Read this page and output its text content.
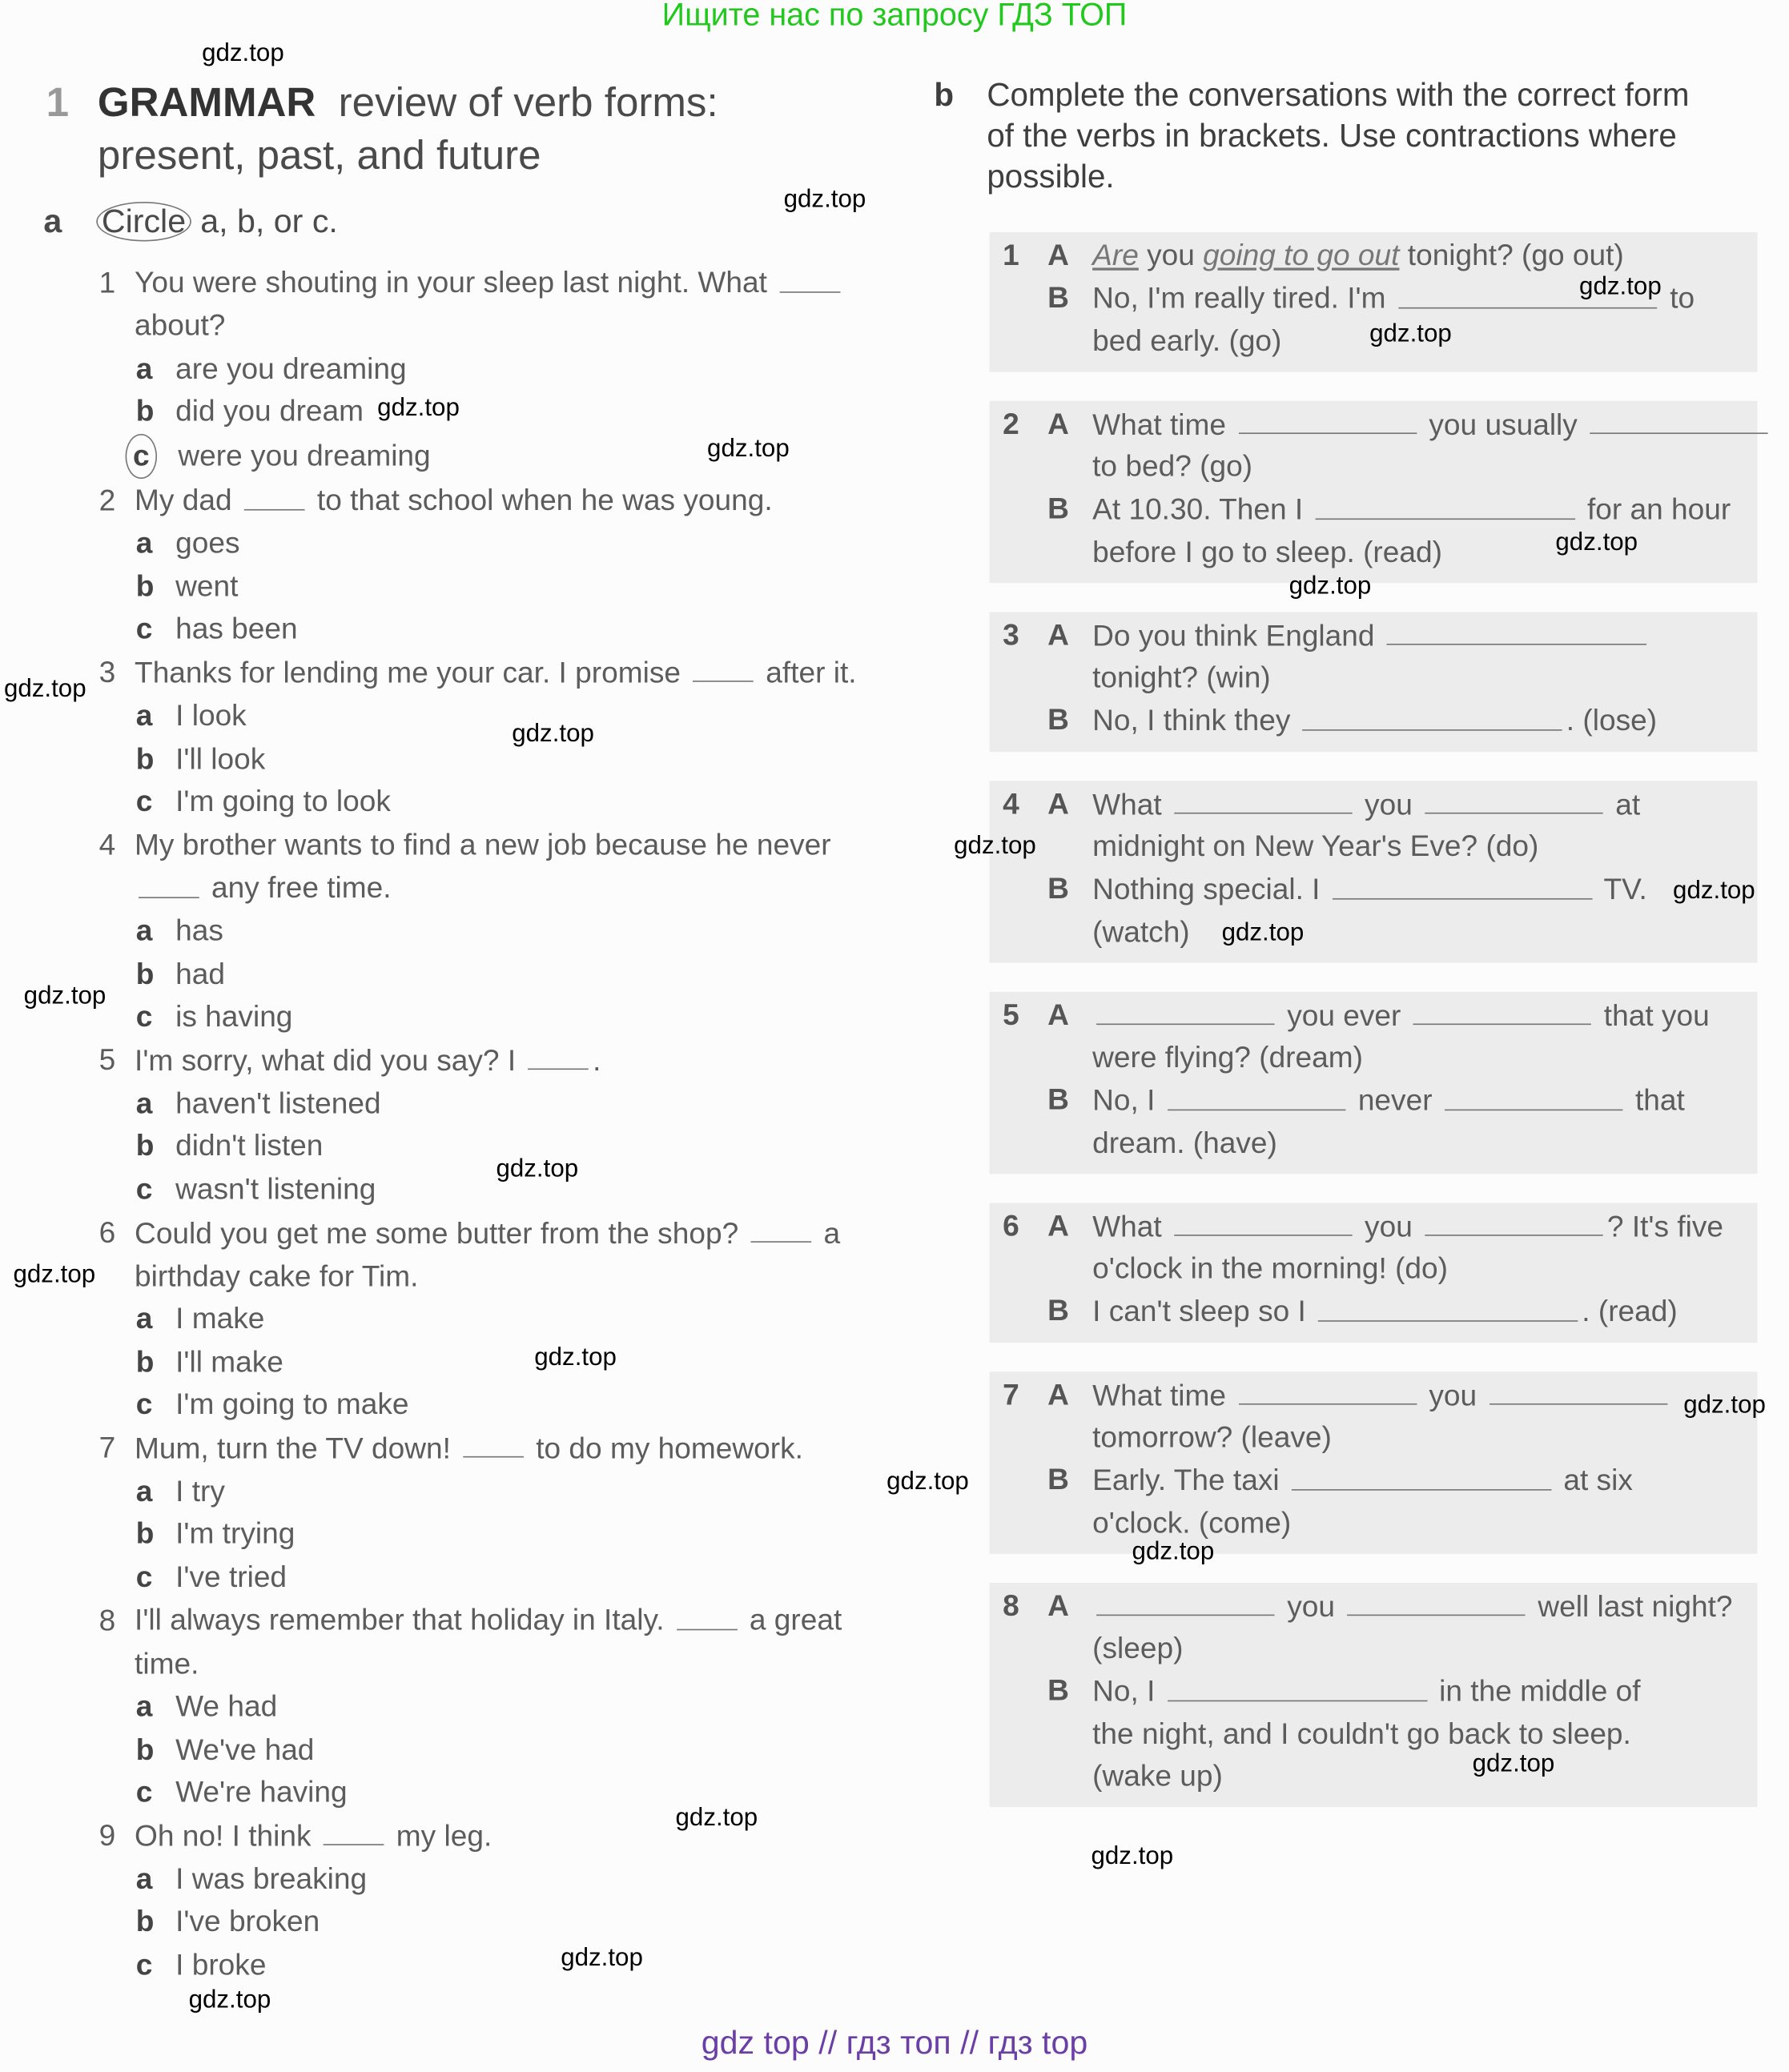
Ищите нас по запросу ГДЗ ТОП
1 GRAMMAR review of verb forms:
present, past, and future
a Circle a, b, or c.
1 You were shouting in your sleep last night. What
about?
a are you dreaming
b did you dream
c were you dreaming
2 My dad	to that school when he was young.
a goes
b went
c has been
3 Thanks for lending me your car. I promise	after it.
a I look
b I'll look
c I'm going to look
4 My brother wants to find a new job because he never
any free time.
a has
b had
c is having
5 I'm sorry, what did you say? I	.
a haven't listened
b didn't listen
c wasn't listening
6 Could you get me some butter from the shop?	a
birthday cake for Tim.
a I make
b I'll make
c I'm going to make
7 Mum, turn the TV down!	to do my homework.
a I try
b I'm trying
c I've tried
8 I'll always remember that holiday in Italy.	a great
time.
a We had
b We've had
c We're having
9 Oh no! I think	my leg.
a I was breaking
b I've broken
c I broke
b Complete the conversations with the correct form
of the verbs in brackets. Use contractions where
possible.
1 A Are you going to go out tonight? (go out)
B No, I'm really tired. I'm	to
bed early. (go)
2 A What time	you usually
to bed? (go)
B At 10.30. Then I	for an hour
before I go to sleep. (read)
3 A Do you think England
tonight? (win)
B No, I think they	. (lose)
4 A What	you	at
midnight on New Year's Eve? (do)
B Nothing special. I	TV.
(watch)
5 A	you ever	that you
were flying? (dream)
B No, I	never	that
dream. (have)
6 A What	you	? It's five
o'clock in the morning! (do)
B I can't sleep so I	. (read)
7 A What time	you
tomorrow? (leave)
B Early. The taxi	at six
o'clock. (come)
8 A	you	well last night?
(sleep)
B No, I	in the middle of
the night, and I couldn't go back to sleep.
(wake up)
gdz.top
gdz.top
gdz.top
gdz.top
gdz.top
gdz.top
gdz.top
gdz.top
gdz.top
gdz.top
gdz.top
gdz.top
gdz.top
gdz.top
gdz.top
gdz.top
gdz.top
gdz.top
gdz.top
gdz.top
gdz.top
gdz.top
gdz.top
gdz.top
gdz.top
gdz top // гдз топ // гдз top
